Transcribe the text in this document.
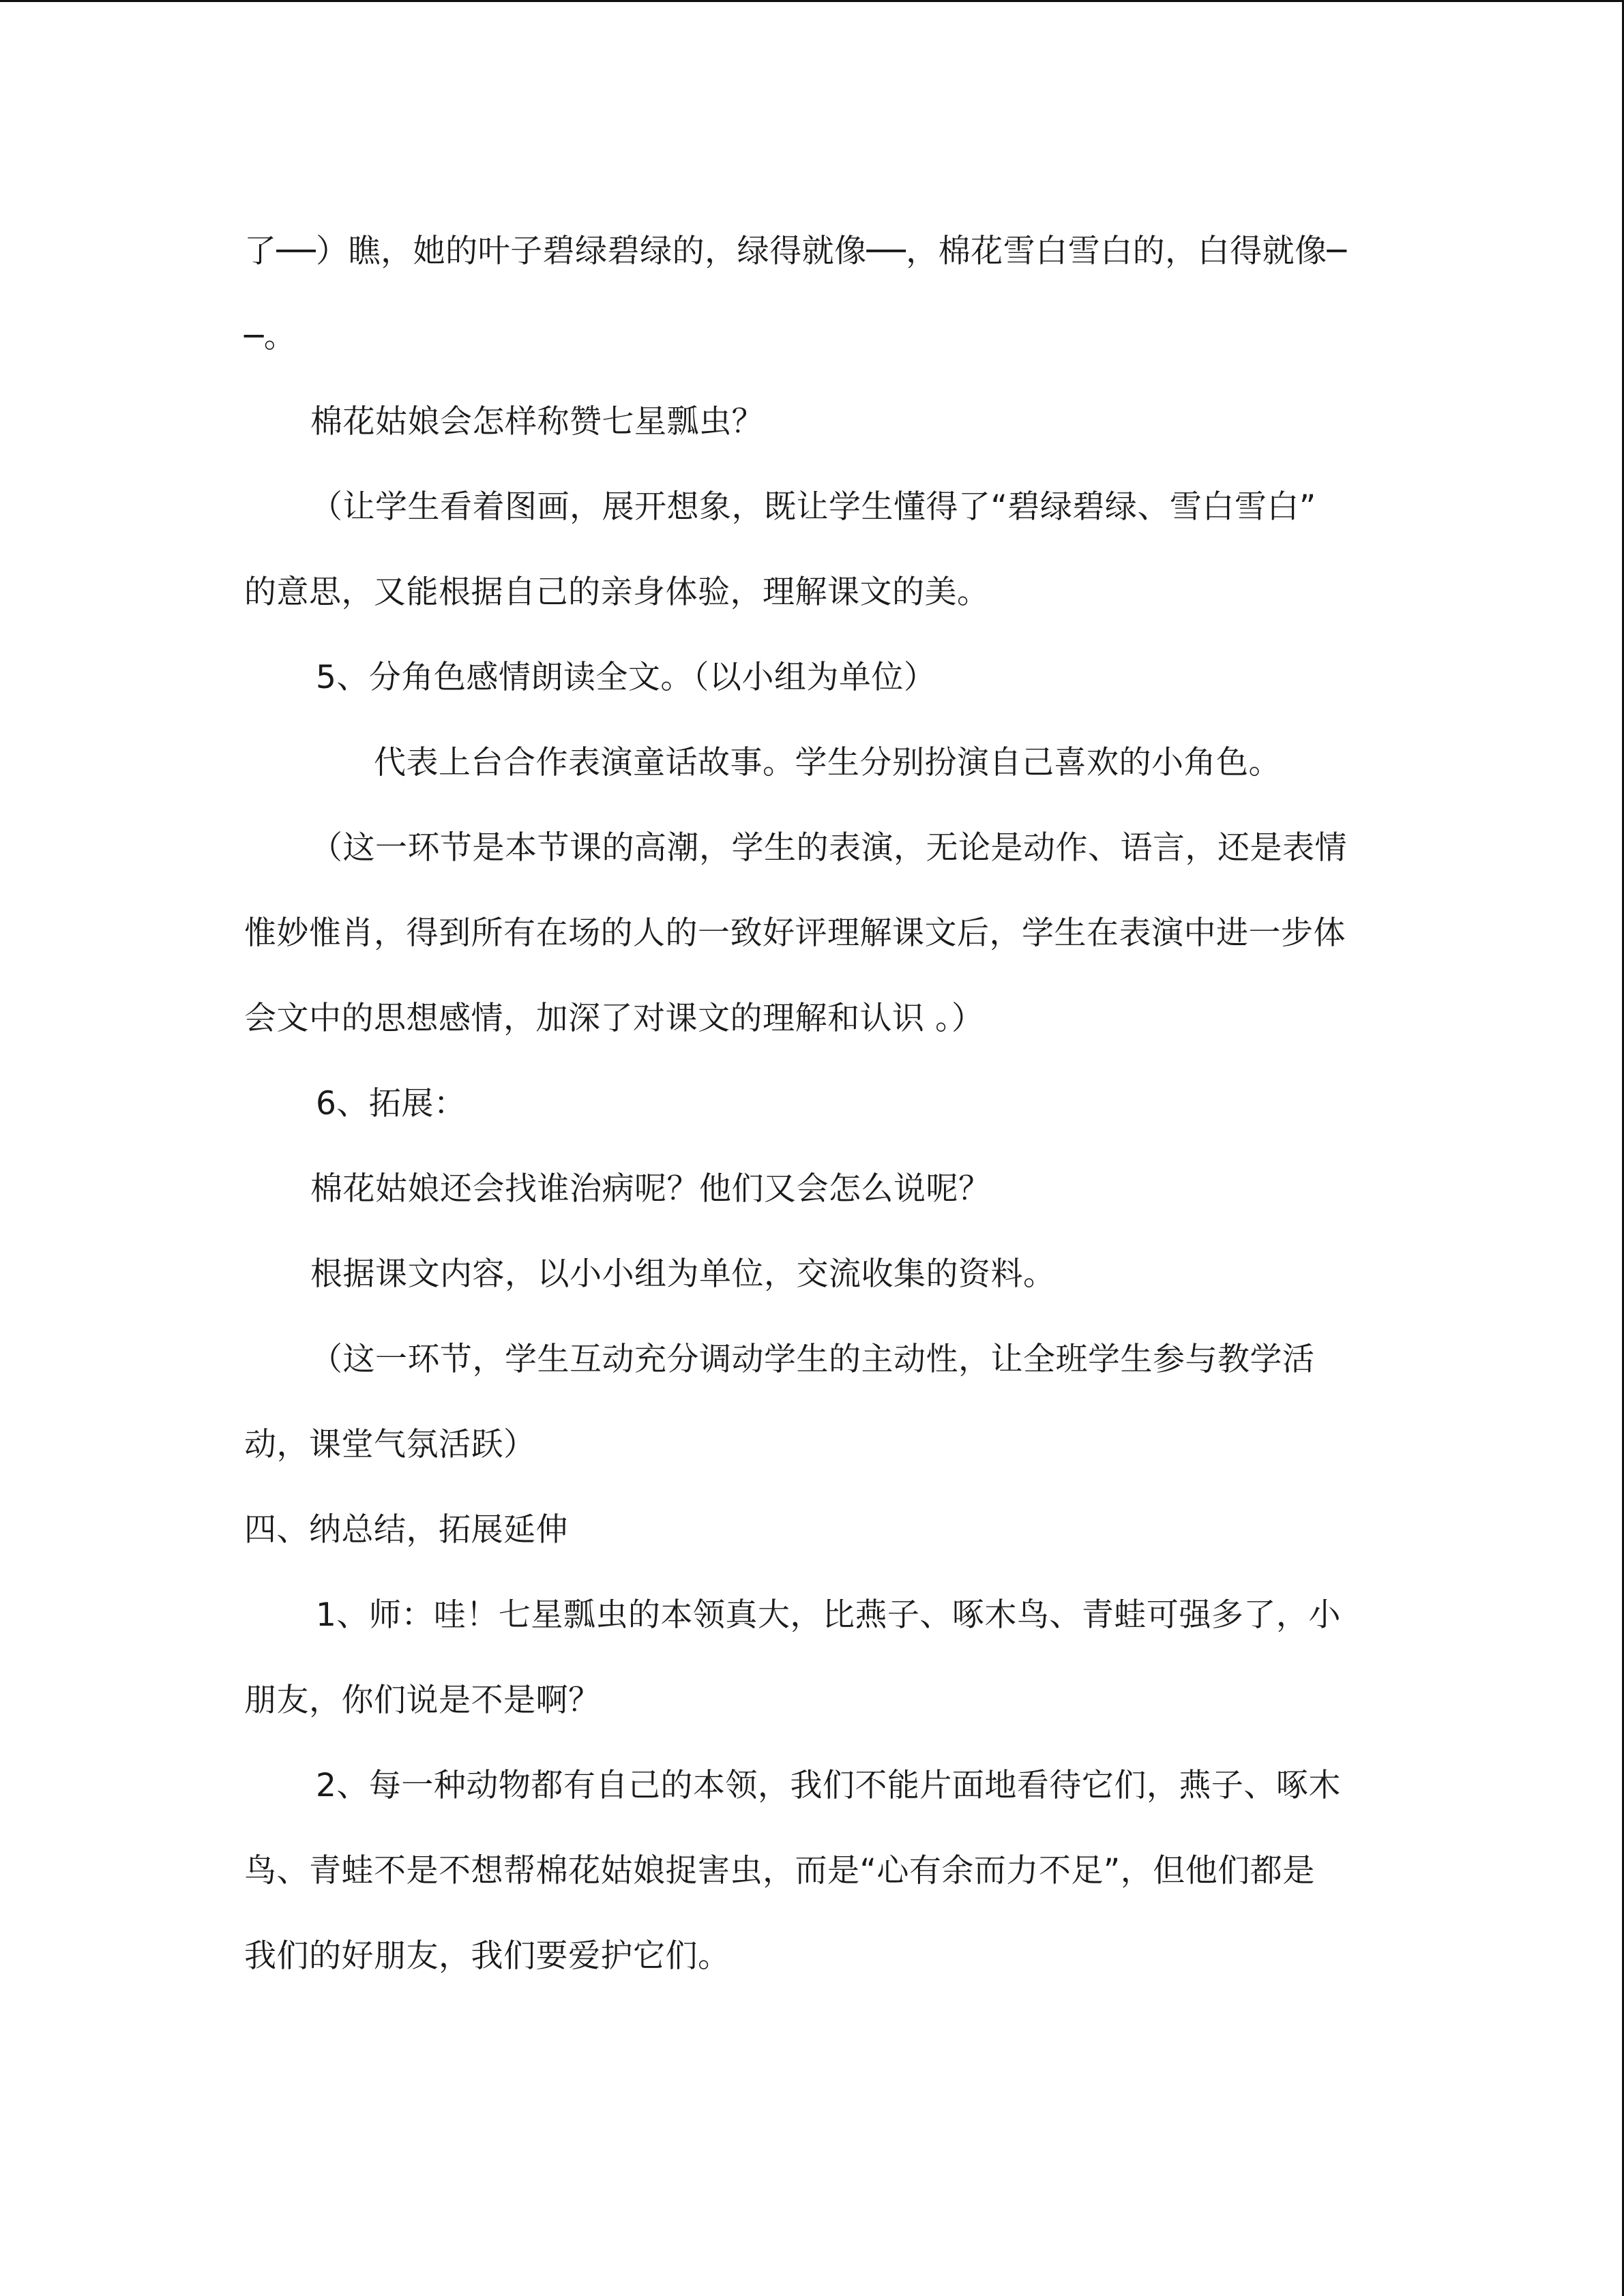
了──）瞧，她的叶子碧绿碧绿的，绿得就像──，棉花雪白雪白的，白得就像─
─。
棉花姑娘会怎样称赞七星瓢虫？
（让学生看着图画，展开想象，既让学生懂得了“碧绿碧绿、雪白雪白”
的意思，又能根据自己的亲身体验，理解课文的美。
5、分角色感情朗读全文。（以小组为单位）
代表上台合作表演童话故事。学生分别扮演自己喜欢的小角色。
（这一环节是本节课的高潮，学生的表演，无论是动作、语言，还是表情
惟妙惟肖，得到所有在场的人的一致好评理解课文后，学生在表演中进一步体
会文中的思想感情，加深了对课文的理解和认识 。）
6、拓展：
棉花姑娘还会找谁治病呢？他们又会怎么说呢？
根据课文内容，以小小组为单位，交流收集的资料。
（这一环节，学生互动充分调动学生的主动性，让全班学生参与教学活
动，课堂气氛活跃）
四、纳总结，拓展延伸
1、师：哇！七星瓢虫的本领真大，比燕子、啄木鸟、青蛙可强多了，小
朋友，你们说是不是啊？
2、每一种动物都有自己的本领，我们不能片面地看待它们，燕子、啄木
鸟、青蛙不是不想帮棉花姑娘捉害虫，而是“心有余而力不足”，但他们都是
我们的好朋友，我们要爱护它们。
